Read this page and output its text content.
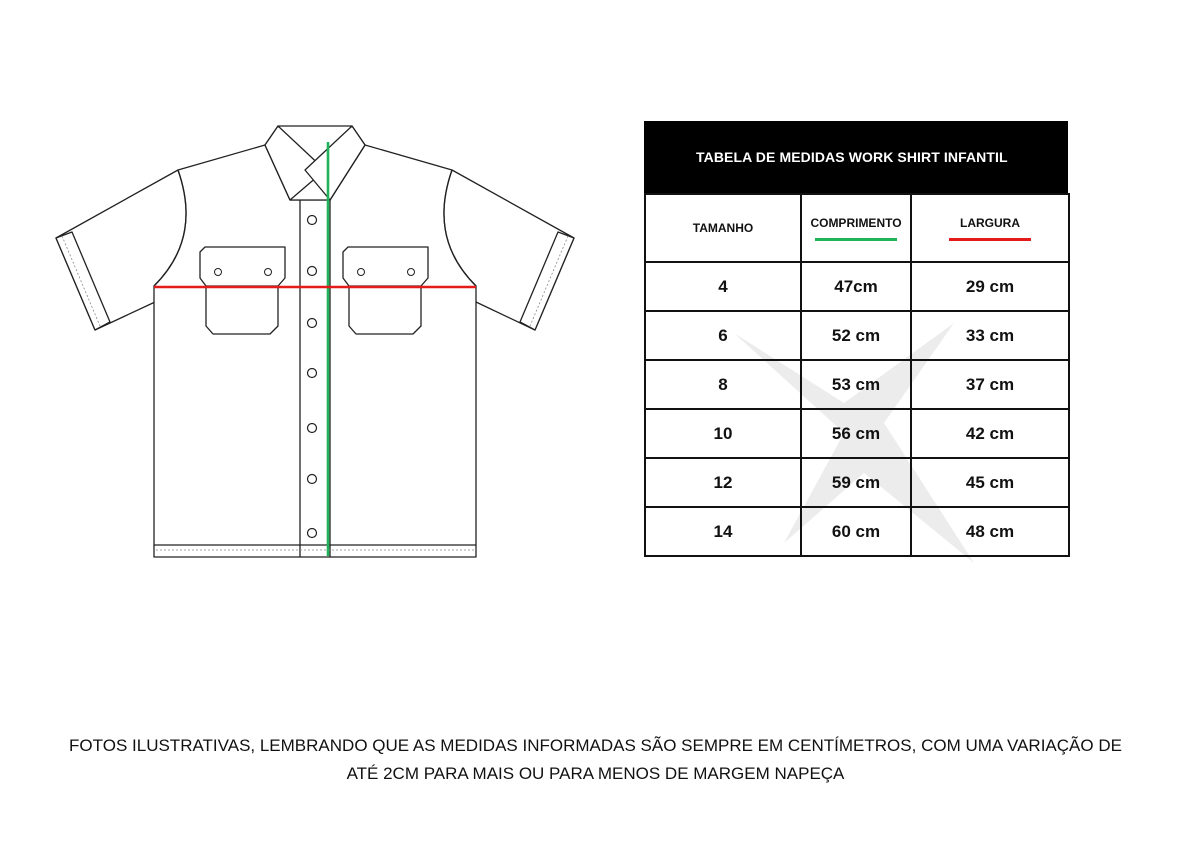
TABELA DE MEDIDAS WORK SHIRT INFANTIL
TAMANHO	COMPRIMENTO	LARGURA

4	47cm	29 cm
6	52 cm	33 cm
8	53 cm	37 cm
10	56 cm	42 cm
12	59 cm	45 cm
14	60 cm	48 cm
FOTOS ILUSTRATIVAS, LEMBRANDO QUE AS MEDIDAS INFORMADAS SÃO SEMPRE EM CENTÍMETROS, COM UMA VARIAÇÃO DE
ATÉ 2CM PARA MAIS OU PARA MENOS DE MARGEM NAPEÇA
